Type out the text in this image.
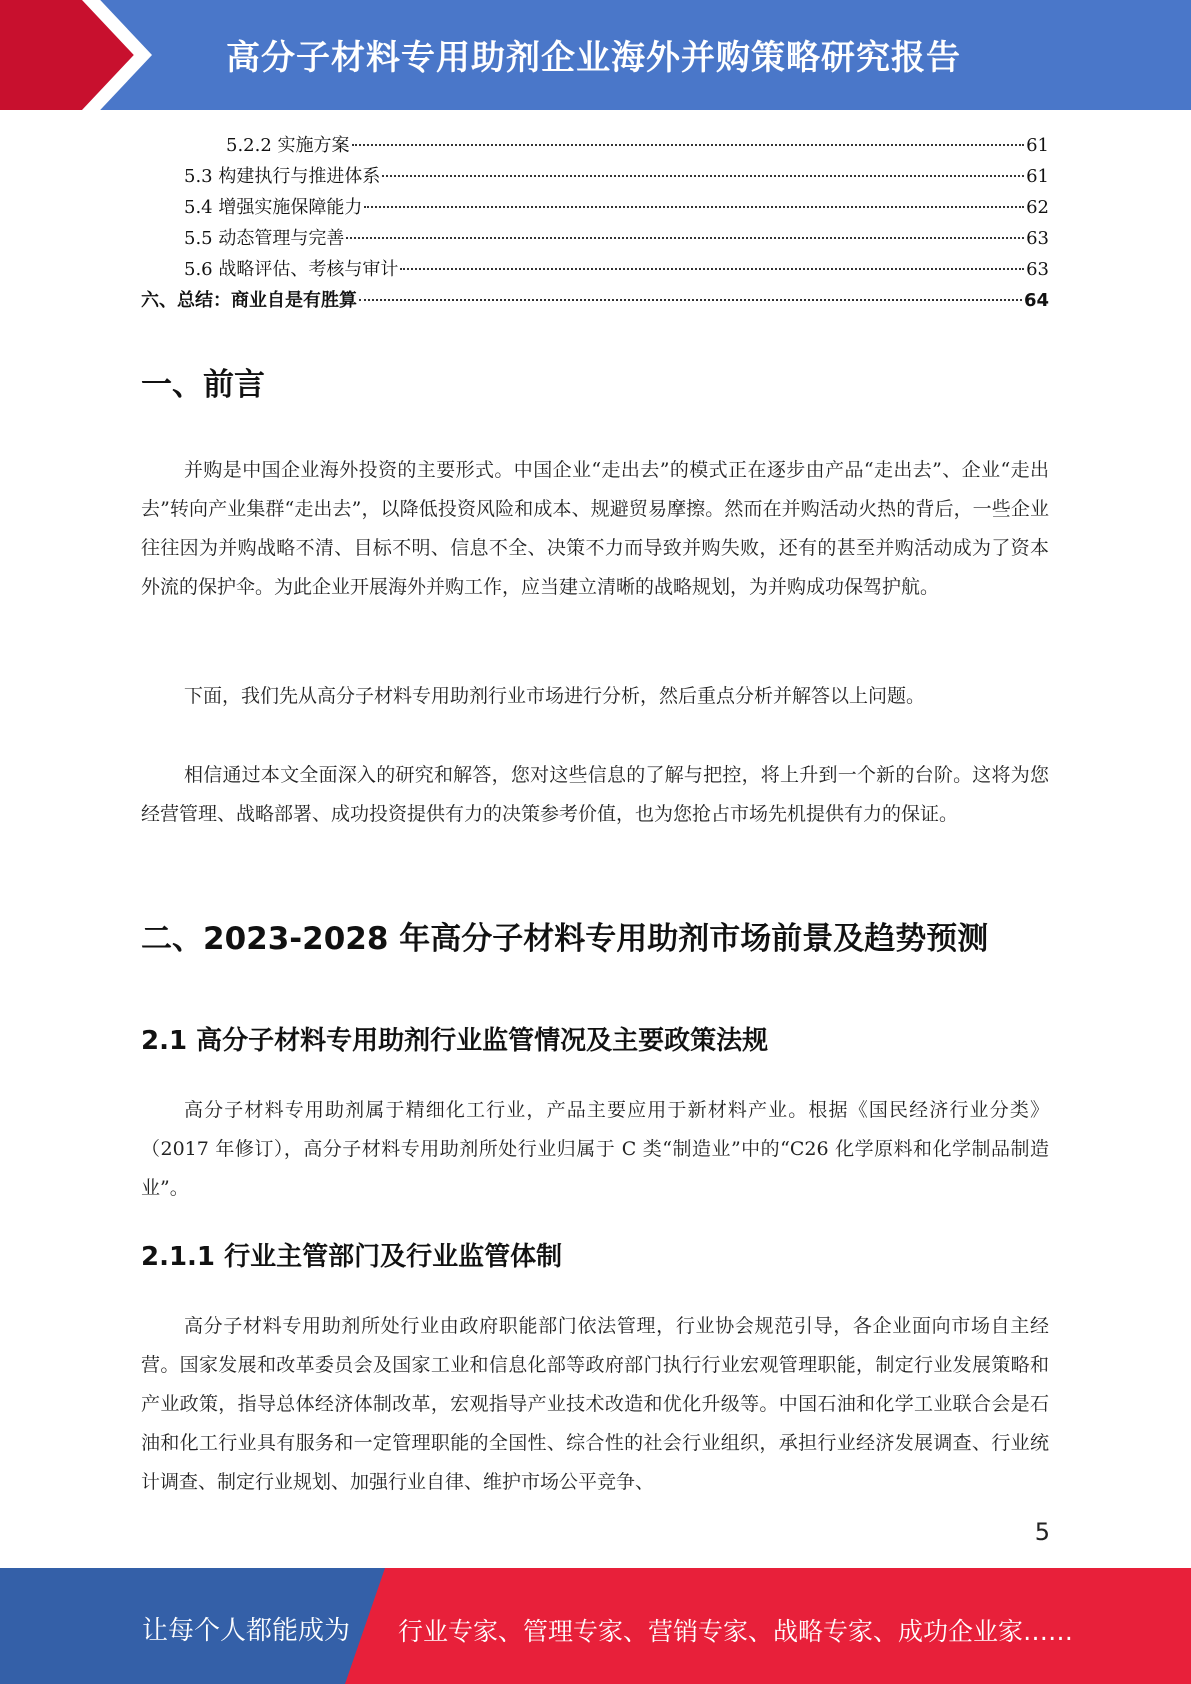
高分子材料专用助剂企业海外并购策略研究报告
5.2.2 实施方案	61
5.3 构建执行与推进体系	61
5.4 增强实施保障能力	62
5.5 动态管理与完善	63
5.6 战略评估、考核与审计	63
六、总结：商业自是有胜算	64
一、前言

并购是中国企业海外投资的主要形式。中国企业“走出去”的模式正在逐步由产品“走出去”、企业“走出去”转向产业集群“走出去”，以降低投资风险和成本、规避贸易摩擦。然而在并购活动火热的背后，一些企业往往因为并购战略不清、目标不明、信息不全、决策不力而导致并购失败，还有的甚至并购活动成为了资本外流的保护伞。为此企业开展海外并购工作，应当建立清晰的战略规划，为并购成功保驾护航。

下面，我们先从高分子材料专用助剂行业市场进行分析，然后重点分析并解答以上问题。

相信通过本文全面深入的研究和解答，您对这些信息的了解与把控，将上升到一个新的台阶。这将为您经营管理、战略部署、成功投资提供有力的决策参考价值，也为您抢占市场先机提供有力的保证。

二、2023-2028 年高分子材料专用助剂市场前景及趋势预测
2.1 高分子材料专用助剂行业监管情况及主要政策法规

高分子材料专用助剂属于精细化工行业，产品主要应用于新材料产业。根据《国民经济行业分类》（2017 年修订），高分子材料专用助剂所处行业归属于 C 类“制造业”中的“C26 化学原料和化学制品制造业”。

2.1.1 行业主管部门及行业监管体制

高分子材料专用助剂所处行业由政府职能部门依法管理，行业协会规范引导，各企业面向市场自主经营。国家发展和改革委员会及国家工业和信息化部等政府部门执行行业宏观管理职能，制定行业发展策略和产业政策，指导总体经济体制改革，宏观指导产业技术改造和优化升级等。中国石油和化学工业联合会是石油和化工行业具有服务和一定管理职能的全国性、综合性的社会行业组织，承担行业经济发展调查、行业统计调查、制定行业规划、加强行业自律、维护市场公平竞争、

5
让每个人都能成为 行业专家、管理专家、营销专家、战略专家、成功企业家……
